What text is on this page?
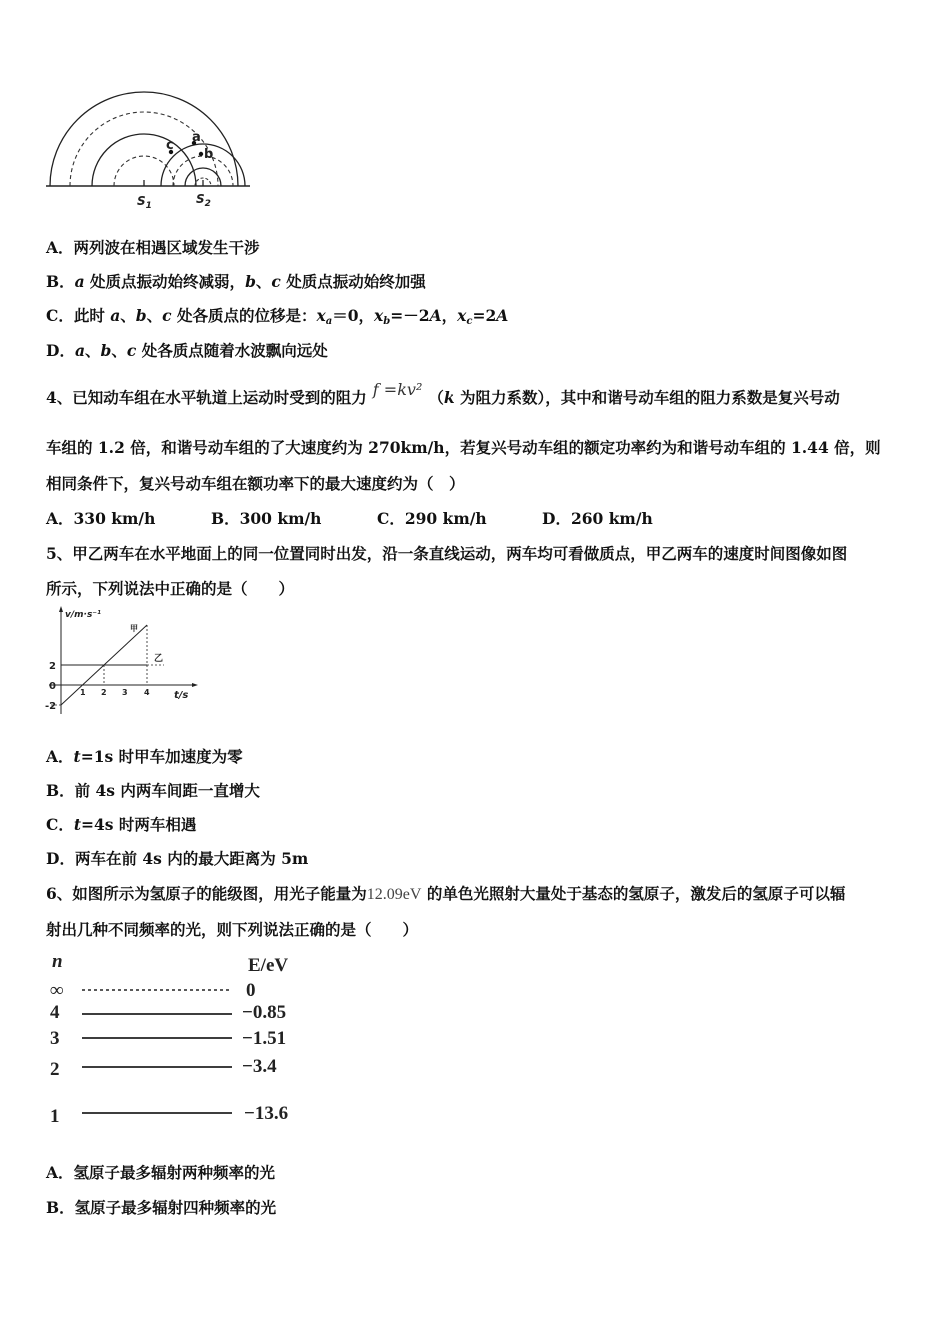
a
b
c
$S_1$	$S_2$
A．两列波在相遇区域发生干涉
B．a 处质点振动始终减弱，b、c 处质点振动始终加强
C．此时 a、b、c 处各质点的位移是：$x_a=0$，$x_b=-2A$，$x_c=2A$
D．a、b、c 处各质点随着水波飘向远处
4、已知动车组在水平轨道上运动时受到的阻力 f =kv² （k 为阻力系数），其中和谐号动车组的阻力系数是复兴号动
车组的 1.2 倍，和谐号动车组的了大速度约为 270km/h，若复兴号动车组的额定功率约为和谐号动车组的 1.44 倍，则
相同条件下，复兴号动车组在额功率下的最大速度约为（　）
A．330 km/h	B．300 km/h	C．290 km/h	D．260 km/h
5、甲乙两车在水平地面上的同一位置同时出发，沿一条直线运动，两车均可看做质点，甲乙两车的速度时间图像如图
所示，下列说法中正确的是（　　）
v/m·s⁻¹
t/s
甲
乙
2
0
-2
1 2 3 4
A．t=1s 时甲车加速度为零
B．前 4s 内两车间距一直增大
C．t=4s 时两车相遇
D．两车在前 4s 内的最大距离为 5m
6、如图所示为氢原子的能级图，用光子能量为12.09eV 的单色光照射大量处于基态的氢原子，激发后的氢原子可以辐
射出几种不同频率的光，则下列说法正确的是（　　）
n	E/eV
∞	0
4	−0.85
3	−1.51
2	−3.4
1	−13.6
A．氢原子最多辐射两种频率的光
B．氢原子最多辐射四种频率的光
